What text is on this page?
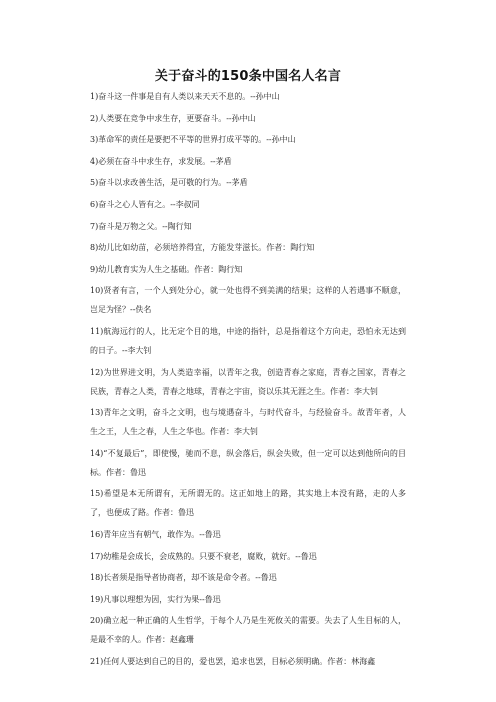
关于奋斗的150条中国名人名言
1)奋斗这一件事是自有人类以来天天不息的。--孙中山
2)人类要在竞争中求生存，更要奋斗。--孙中山
3)革命军的责任是要把不平等的世界打成平等的。--孙中山
4)必须在奋斗中求生存，求发展。--茅盾
5)奋斗以求改善生活，是可敬的行为。--茅盾
6)奋斗之心人皆有之。--李叔同
7)奋斗是万物之父。--陶行知
8)幼儿比如幼苗，必须培养得宜，方能发芽滋长。作者：陶行知
9)幼儿教育实为人生之基础。作者：陶行知
10)贤者有言，一个人到处分心，就一处也得不到美满的结果；这样的人若遇事不顺意，岂足为怪？--佚名
11)航海远行的人，比无定个目的地，中途的指针，总是指着这个方向走，恐怕永无达到的日子。--李大钊
12)为世界进文明，为人类造幸福，以青年之我，创造青春之家庭，青春之国家，青春之民族，青春之人类，青春之地球，青春之宇宙，资以乐其无涯之生。作者：李大钊
13)青年之文明，奋斗之文明，也与境遇奋斗，与时代奋斗，与经验奋斗。故青年者，人生之王，人生之春，人生之华也。作者：李大钊
14)“不复最后”，即使慢，驰而不息，纵会落后，纵会失败，但一定可以达到他所向的目标。作者：鲁迅
15)希望是本无所谓有，无所谓无的。这正如地上的路，其实地上本没有路，走的人多了，也便成了路。作者：鲁迅
16)青年应当有朝气，敢作为。--鲁迅
17)幼稚是会成长，会成熟的。只要不衰老，腐败，就好。--鲁迅
18)长者须是指导者协商者，却不该是命令者。--鲁迅
19)凡事以理想为因，实行为果--鲁迅
20)确立起一种正确的人生哲学，于每个人乃是生死攸关的需要。失去了人生目标的人，是最不幸的人。作者：赵鑫珊
21)任何人要达到自己的目的，爱也罢，追求也罢，目标必须明确。作者：林海鑫
